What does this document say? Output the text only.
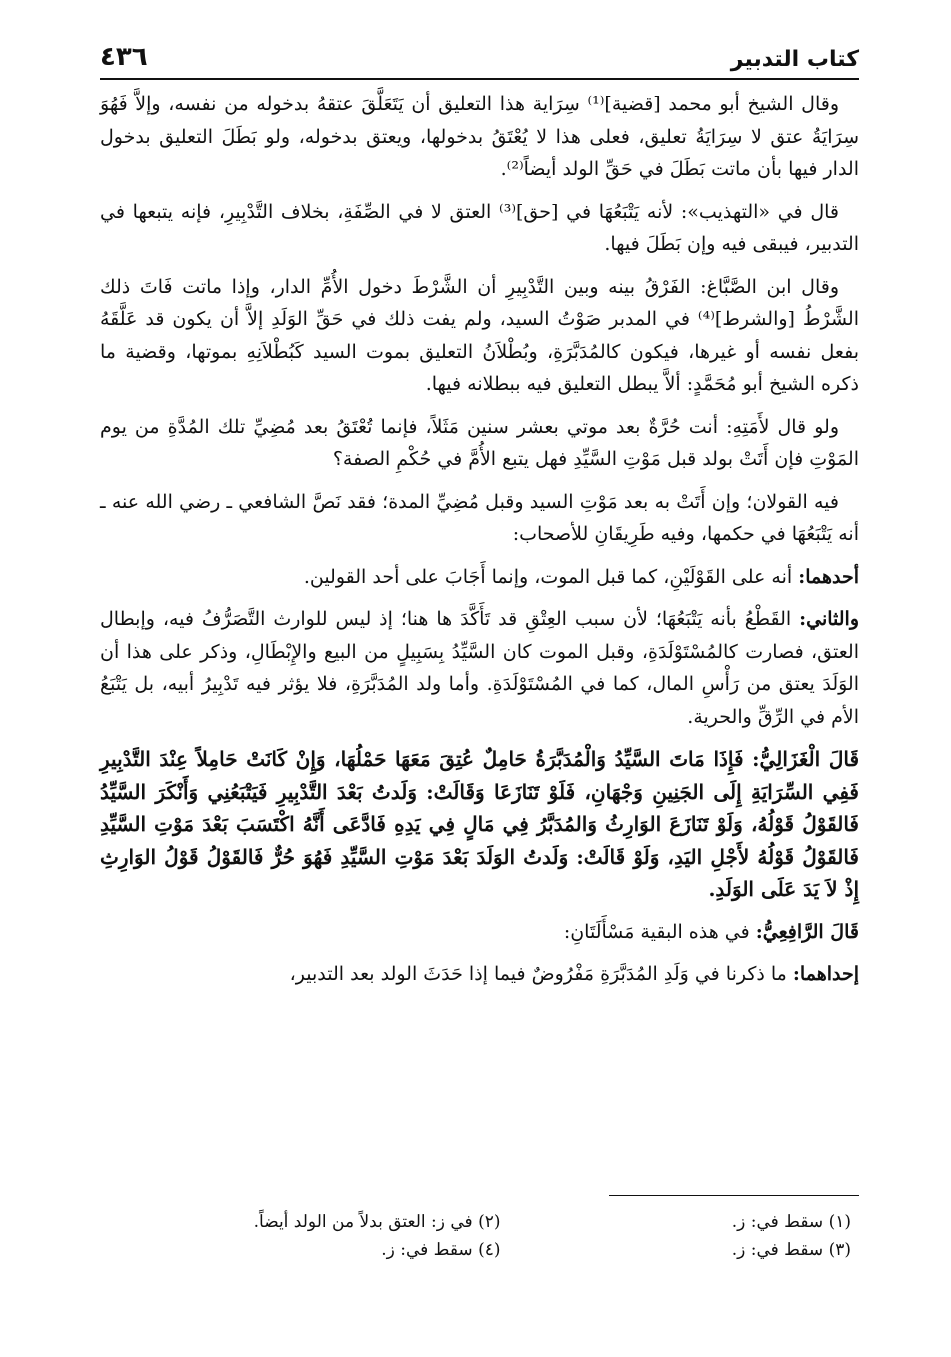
كتاب التدبير
٤٣٦

وقال الشيخ أبو محمد [قضية]⁽¹⁾ سِرَاية هذا التعليق أن يَتَعَلَّقَ عتقهُ بدخوله من نفسه، وإلاَّ فَهُوَ سِرَايَةُ عتق لا سِرَايَةُ تعليق، فعلى هذا لا يُعْتَقُ بدخولها، ويعتق بدخوله، ولو بَطَلَ التعليق بدخول الدار فيها بأن ماتت بَطَلَ في حَقِّ الولد أيضاً⁽²⁾.

قال في «التهذيب»: لأنه يَتْبَعُهَا في [حق]⁽³⁾ العتق لا في الصِّفَةِ، بخلاف التَّدْبِيرِ، فإنه يتبعها في التدبير، فيبقى فيه وإن بَطَلَ فيها.

وقال ابن الصَّبَّاغ: الفَرْقُ بينه وبين التَّدْبِيرِ أن الشَّرْطَ دخول الأُمِّ الدار، وإذا ماتت فَاتَ ذلك الشَّرْطُ [والشرط]⁽⁴⁾ في المدبر صَوْتُ السيد، ولم يفت ذلك في حَقِّ الوَلَدِ إلاَّ أن يكون قد عَلَّقَهُ بفعل نفسه أو غيرها، فيكون كالمُدَبَّرَةِ، وبُطْلاَنُ التعليق بموت السيد كَبُطْلاَنِهِ بموتها، وقضية ما ذكره الشيخ أبو مُحَمَّدٍ: ألاَّ يبطل التعليق فيه ببطلانه فيها.

ولو قال لأَمَتِهِ: أنت حُرَّةٌ بعد موتي بعشر سنين مَثَلاً، فإنما تُعْتَقُ بعد مُضِيِّ تلك المُدَّةِ من يوم المَوْتِ فإن أَتَتْ بولد قبل مَوْتِ السَّيِّدِ فهل يتبع الأُمَّ في حُكْمِ الصفة؟

فيه القولان؛ وإن أَتَتْ به بعد مَوْتِ السيد وقبل مُضِيِّ المدة؛ فقد نَصَّ الشافعي ـ رضي الله عنه ـ أنه يَتْبَعُهَا في حكمها، وفيه طَرِيقَانِ للأصحاب:

أحدهما: أنه على القَوْلَيْنِ، كما قبل الموت، وإنما أَجَابَ على أحد القولين.

والثاني: القَطْعُ بأنه يَتْبَعُهَا؛ لأن سبب العِتْقِ قد تَأَكَّدَ ها هنا؛ إذ ليس للوارث التَّصَرُّفُ فيه، وإبطال العتق، فصارت كالمُسْتَوْلَدَةِ، وقبل الموت كان السَّيِّدُ بِسَبِيلٍ من البيع والإِبْطَالِ، وذكر على هذا أن الوَلَدَ يعتق من رَأْسِ المال، كما في المُسْتَوْلَدَةِ. وأما ولد المُدَبَّرَةِ، فلا يؤثر فيه تَدْبِيرُ أبيه، بل يَتْبَعُ الأم في الرِّقِّ والحرية.

قَالَ الْغَزَالِيُّ: فَإِذَا مَاتَ السَّيِّدُ وَالْمُدَبَّرَةُ حَامِلٌ عُتِقَ مَعَهَا حَمْلُهَا، وَإِنْ كَانَتْ حَامِلاً عِنْدَ التَّدْبِيرِ فَفِي السِّرَايَةِ إِلَى الجَنِينِ وَجْهَانِ، فَلَوْ تَنَازَعَا وَقَالَتْ: وَلَدتُ بَعْدَ التَّدْبِيرِ فَيَتْبَعُنِي وَأَنْكَرَ السَّيِّدُ فَالقَوْلُ قَوْلُهُ، وَلَوْ تَنَازَعَ الوَارِثُ وَالمُدَبَّرُ فِي مَالٍ فِي يَدِهِ فَادَّعَى أَنَّهُ اكْتَسَبَ بَعْدَ مَوْتِ السَّيِّدِ فَالقَوْلُ قَوْلُهُ لأَجْلِ اليَدِ، وَلَوْ قَالَتْ: وَلَدتُ الوَلَدَ بَعْدَ مَوْتِ السَّيِّدِ فَهُوَ حُرٌّ فَالقَوْلُ قَوْلُ الوَارِثِ إِذْ لاَ يَدَ عَلَى الوَلَدِ.

قَالَ الرَّافِعِيُّ: في هذه البقية مَسْأَلَتَانِ:

إحداهما: ما ذكرنا في وَلَدِ المُدَبَّرَةِ مَفْرُوضٌ فيما إذا حَدَثَ الولد بعد التدبير،

(١) سقط في: ز.
(٢) في ز: العتق بدلاً من الولد أيضاً.
(٣) سقط في: ز.
(٤) سقط في: ز.
